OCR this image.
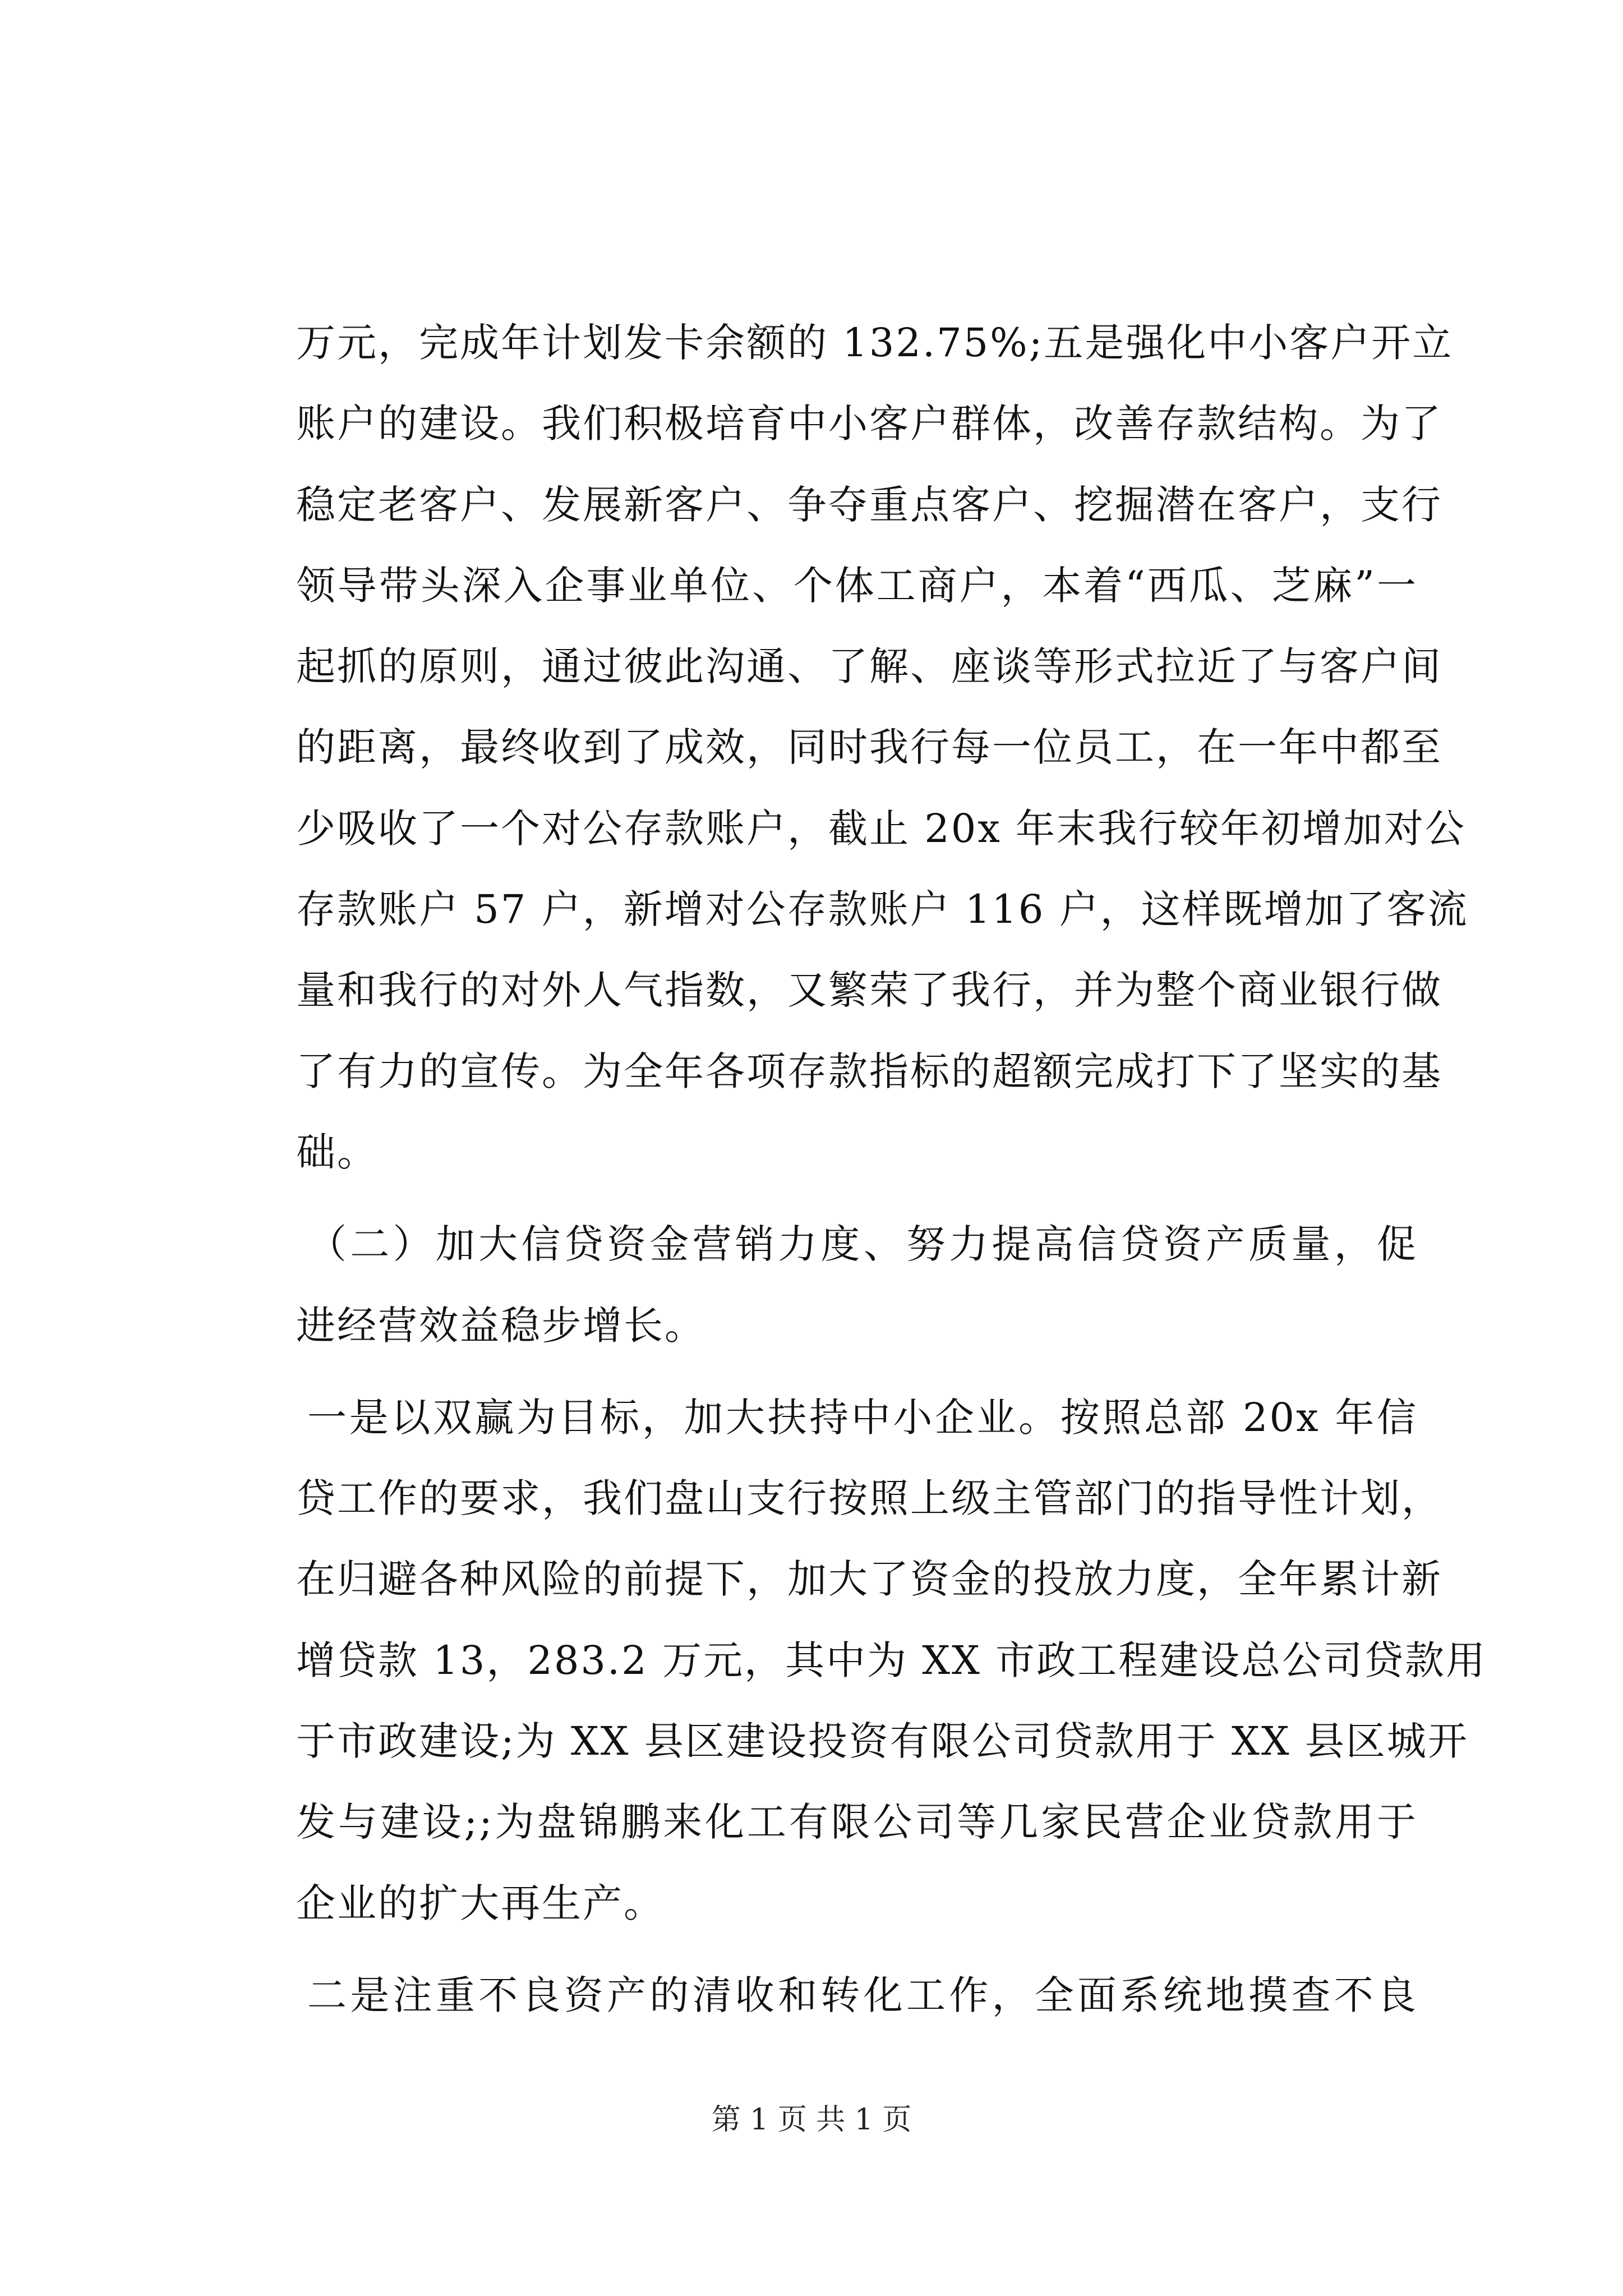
万元，完成年计划发卡余额的 132.75%;五是强化中小客户开立
账户的建设。我们积极培育中小客户群体，改善存款结构。为了
稳定老客户、发展新客户、争夺重点客户、挖掘潜在客户，支行
领导带头深入企事业单位、个体工商户，本着“西瓜、芝麻”一
起抓的原则，通过彼此沟通、了解、座谈等形式拉近了与客户间
的距离，最终收到了成效，同时我行每一位员工，在一年中都至
少吸收了一个对公存款账户，截止 20x 年末我行较年初增加对公
存款账户 57 户，新增对公存款账户 116 户，这样既增加了客流
量和我行的对外人气指数，又繁荣了我行，并为整个商业银行做
了有力的宣传。为全年各项存款指标的超额完成打下了坚实的基
础。
（二）加大信贷资金营销力度、努力提高信贷资产质量，促
进经营效益稳步增长。
一是以双赢为目标，加大扶持中小企业。按照总部 20x 年信
贷工作的要求，我们盘山支行按照上级主管部门的指导性计划，
在归避各种风险的前提下，加大了资金的投放力度，全年累计新
增贷款 13，283.2 万元，其中为 XX 市政工程建设总公司贷款用
于市政建设;为 XX 县区建设投资有限公司贷款用于 XX 县区城开
发与建设;;为盘锦鹏来化工有限公司等几家民营企业贷款用于
企业的扩大再生产。
二是注重不良资产的清收和转化工作，全面系统地摸查不良
第 1 页 共 1 页
